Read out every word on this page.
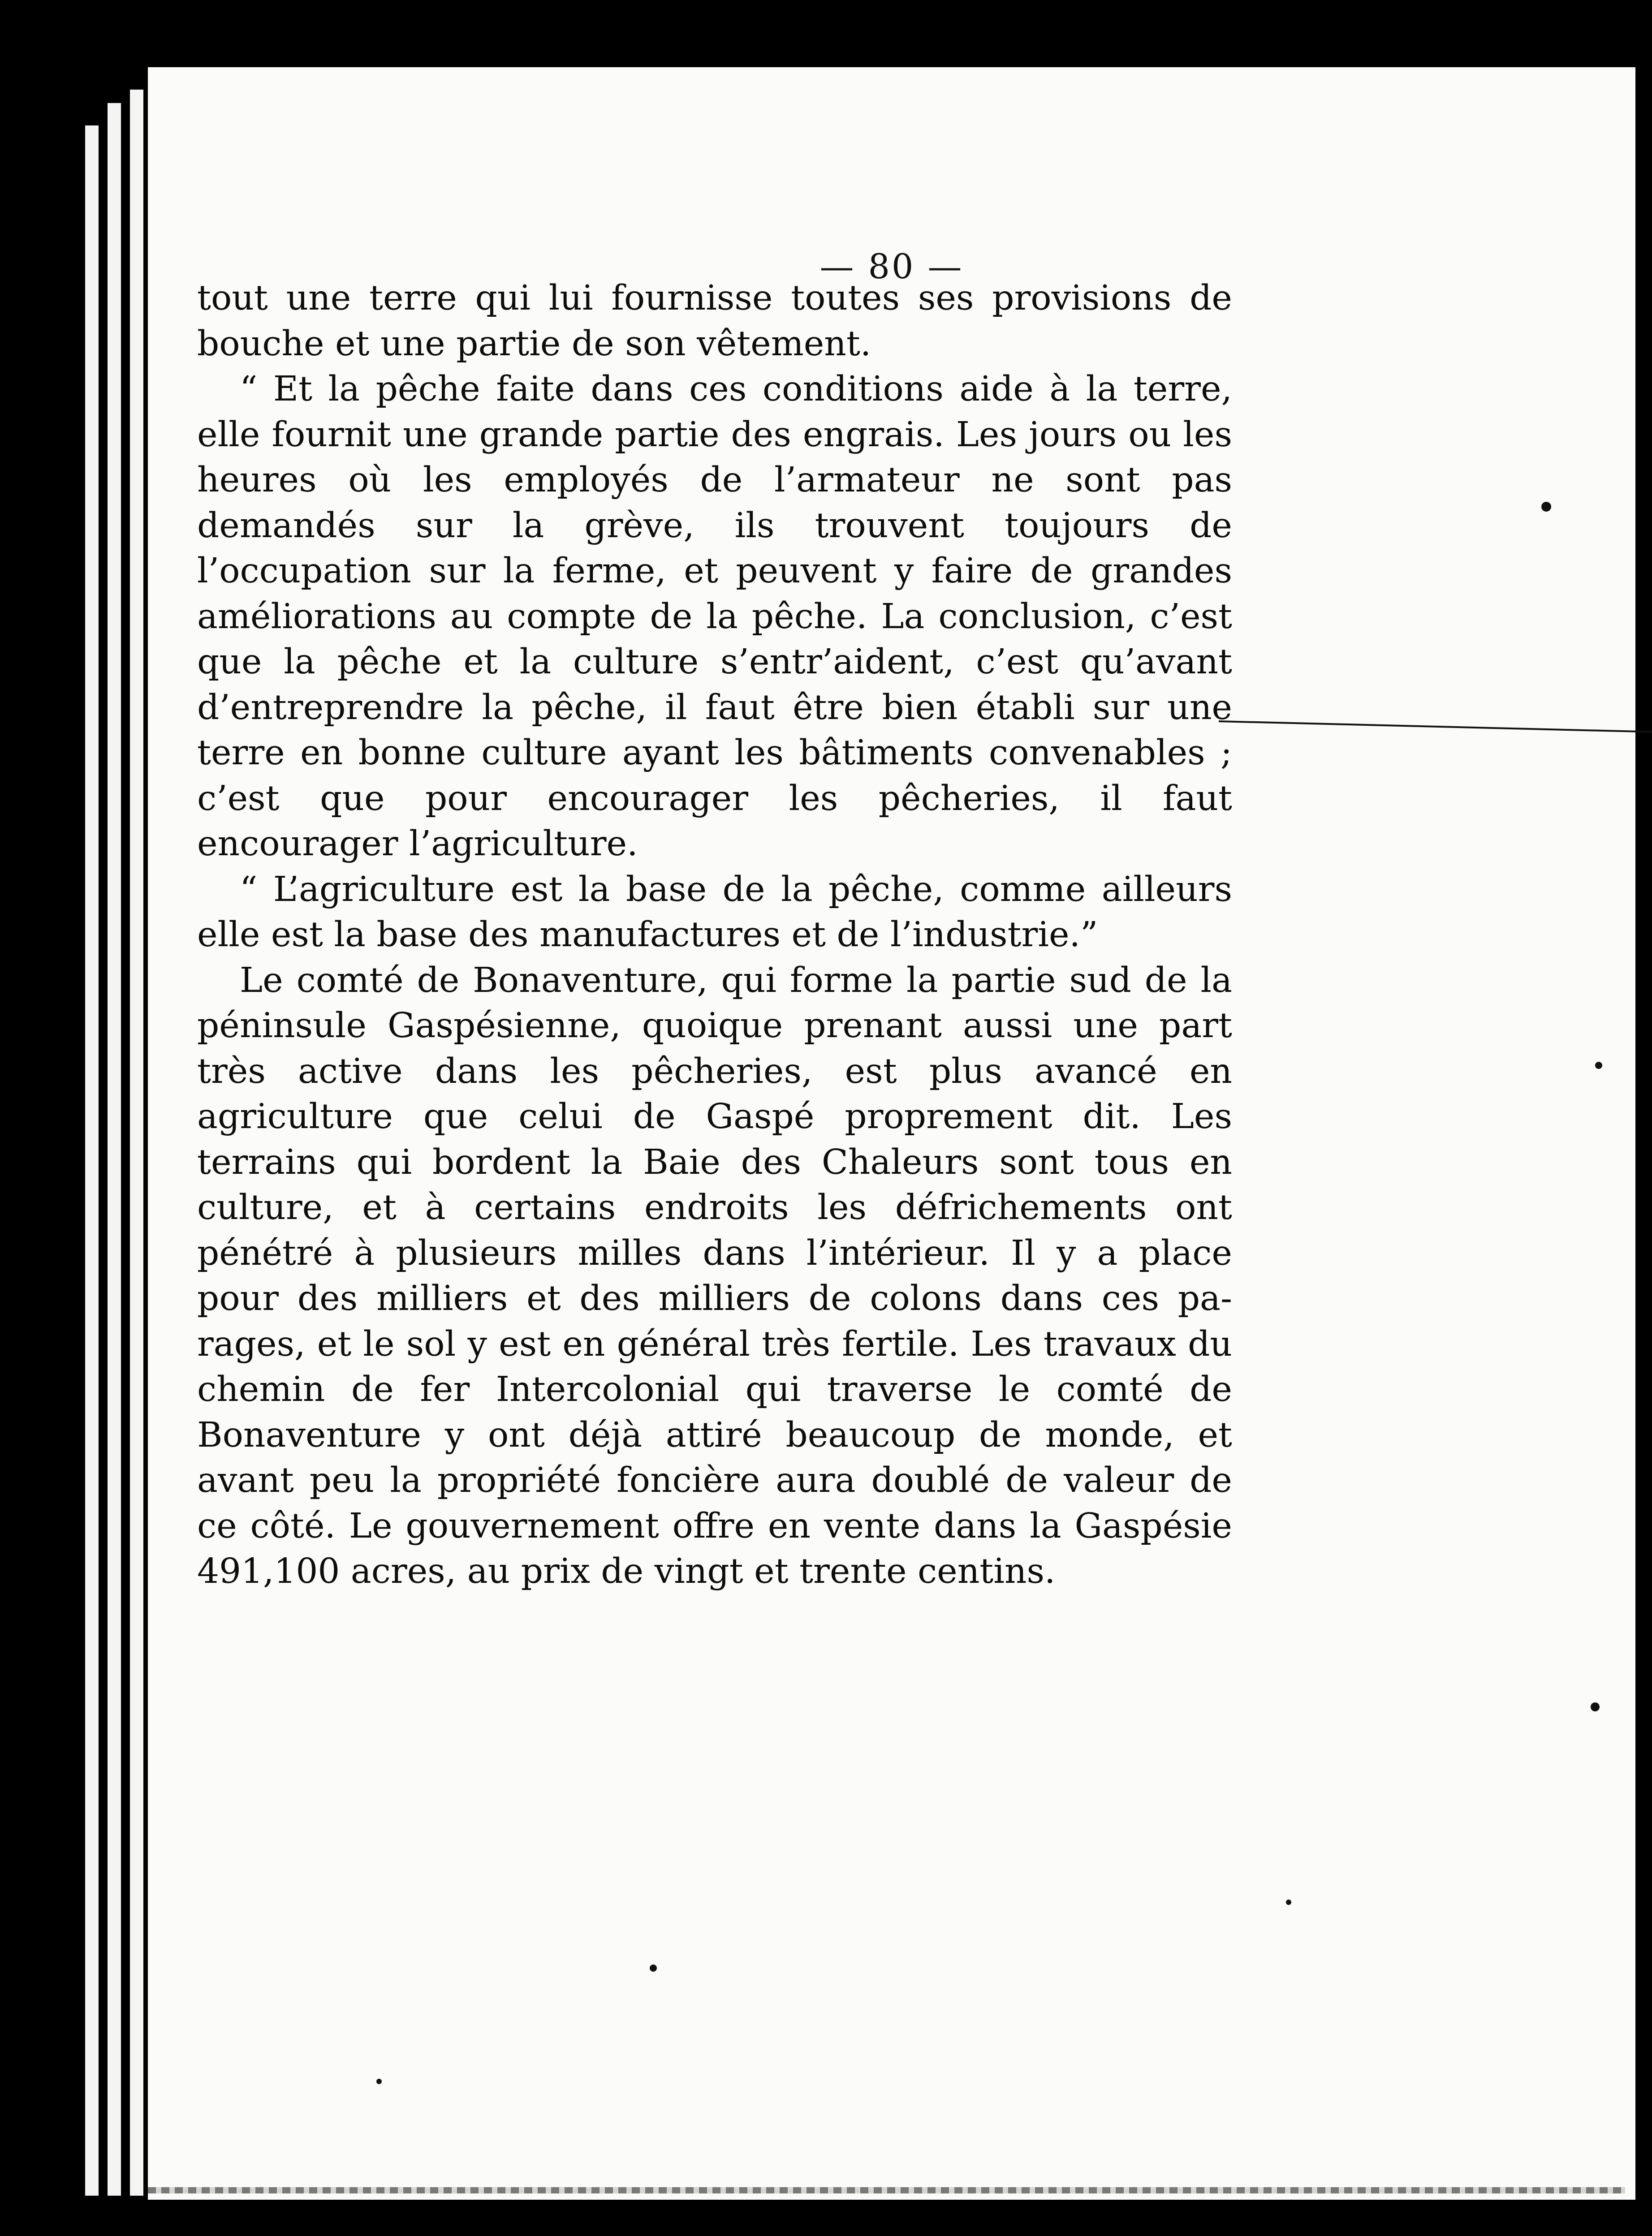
— 80 —

tout une terre qui lui fournisse toutes ses provisions de bouche et une partie de son vêtement.

“ Et la pêche faite dans ces conditions aide à la terre, elle fournit une grande partie des engrais. Les jours ou les heures où les employés de l’armateur ne sont pas demandés sur la grève, ils trouvent toujours de l’occupation sur la ferme, et peuvent y faire de grandes améliorations au compte de la pêche. La conclusion, c’est que la pêche et la culture s’entr’aident, c’est qu’avant d’entreprendre la pêche, il faut être bien établi sur une terre en bonne culture ayant les bâtiments convenables ; c’est que pour encourager les pêcheries, il faut encourager l’agriculture.

“ L’agriculture est la base de la pêche, comme ailleurs elle est la base des manufactures et de l’industrie.”

Le comté de Bonaventure, qui forme la partie sud de la péninsule Gaspésienne, quoique prenant aussi une part très active dans les pêcheries, est plus avancé en agriculture que celui de Gaspé proprement dit. Les terrains qui bordent la Baie des Chaleurs sont tous en culture, et à certains endroits les défrichements ont pénétré à plusieurs milles dans l’intérieur. Il y a place pour des milliers et des milliers de colons dans ces parages, et le sol y est en général très fertile. Les travaux du chemin de fer Intercolonial qui traverse le comté de Bonaventure y ont déjà attiré beaucoup de monde, et avant peu la propriété foncière aura doublé de valeur de ce côté. Le gouvernement offre en vente dans la Gaspésie 491,100 acres, au prix de vingt et trente centins.
